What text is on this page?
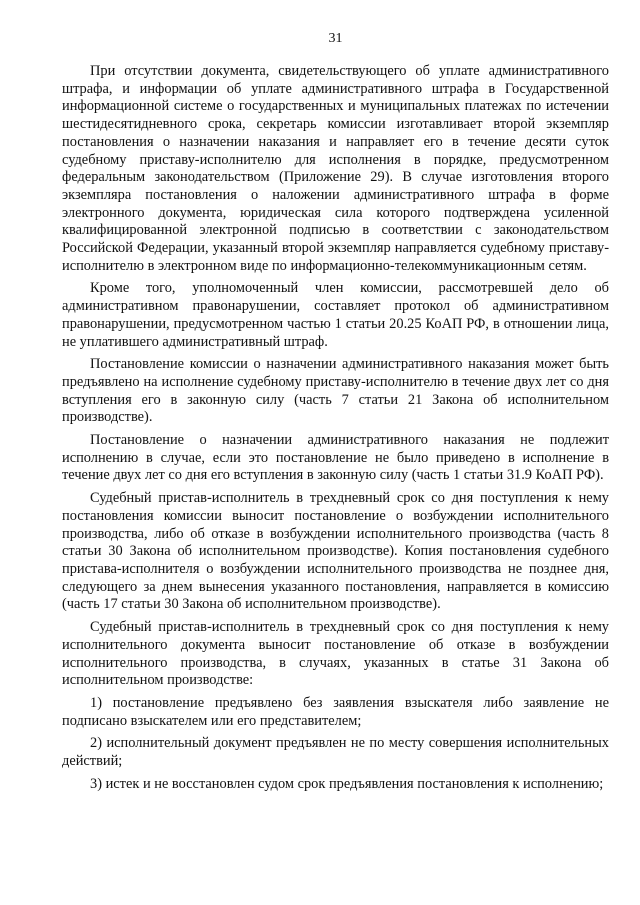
31

При отсутствии документа, свидетельствующего об уплате административного штрафа, и информации об уплате административного штрафа в Государственной информационной системе о государственных и муниципальных платежах по истечении шестидесятидневного срока, секретарь комиссии изготавливает второй экземпляр постановления о назначении наказания и направляет его в течение десяти суток судебному приставу-исполнителю для исполнения в порядке, предусмотренном федеральным законодательством (Приложение 29). В случае изготовления второго экземпляра постановления о наложении административного штрафа в форме электронного документа, юридическая сила которого подтверждена усиленной квалифицированной электронной подписью в соответствии с законодательством Российской Федерации, указанный второй экземпляр направляется судебному приставу-исполнителю в электронном виде по информационно-телекоммуникационным сетям.

Кроме того, уполномоченный член комиссии, рассмотревшей дело об административном правонарушении, составляет протокол об административном правонарушении, предусмотренном частью 1 статьи 20.25 КоАП РФ, в отношении лица, не уплатившего административный штраф.

Постановление комиссии о назначении административного наказания может быть предъявлено на исполнение судебному приставу-исполнителю в течение двух лет со дня вступления его в законную силу (часть 7 статьи 21 Закона об исполнительном производстве).

Постановление о назначении административного наказания не подлежит исполнению в случае, если это постановление не было приведено в исполнение в течение двух лет со дня его вступления в законную силу (часть 1 статьи 31.9 КоАП РФ).

Судебный пристав-исполнитель в трехдневный срок со дня поступления к нему постановления комиссии выносит постановление о возбуждении исполнительного производства, либо об отказе в возбуждении исполнительного производства (часть 8 статьи 30 Закона об исполнительном производстве). Копия постановления судебного пристава-исполнителя о возбуждении исполнительного производства не позднее дня, следующего за днем вынесения указанного постановления, направляется в комиссию (часть 17 статьи 30 Закона об исполнительном производстве).

Судебный пристав-исполнитель в трехдневный срок со дня поступления к нему исполнительного документа выносит постановление об отказе в возбуждении исполнительного производства, в случаях, указанных в статье 31 Закона об исполнительном производстве:

1) постановление предъявлено без заявления взыскателя либо заявление не подписано взыскателем или его представителем;

2) исполнительный документ предъявлен не по месту совершения исполнительных действий;

3) истек и не восстановлен судом срок предъявления постановления к исполнению;
